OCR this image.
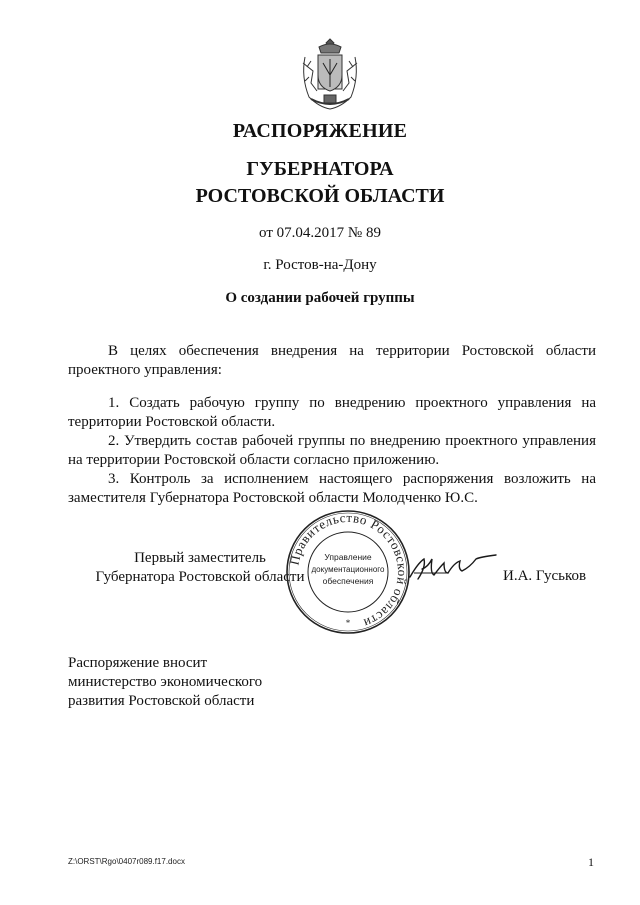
РАСПОРЯЖЕНИЕ
ГУБЕРНАТОРА
РОСТОВСКОЙ ОБЛАСТИ
от 07.04.2017 № 89
г. Ростов-на-Дону
О создании рабочей группы
В целях обеспечения внедрения на территории Ростовской области проектного управления:
1. Создать рабочую группу по внедрению проектного управления на территории Ростовской области.
2. Утвердить состав рабочей группы по внедрению проектного управления на территории Ростовской области согласно приложению.
3. Контроль за исполнением настоящего распоряжения возложить на заместителя Губернатора Ростовской области Молодченко Ю.С.
Первый заместитель
Губернатора Ростовской области
Правительство Ростовской области
Управление
документационного
обеспечения
*
И.А. Гуськов
Распоряжение вносит
министерство экономического
развития Ростовской области
Z:\ORST\Rgo\0407r089.f17.docx	1
